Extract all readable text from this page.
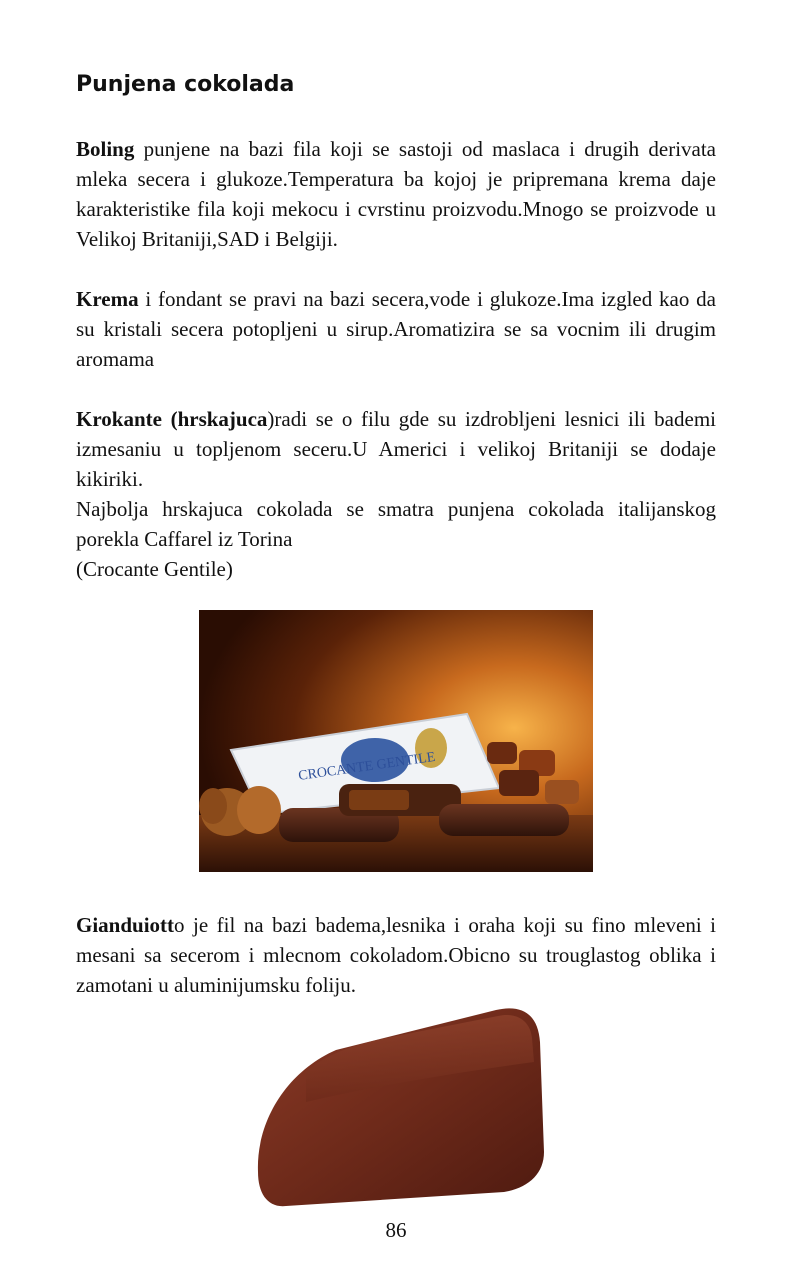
Punjena cokolada

Boling punjene na bazi fila koji se sastoji od maslaca i drugih derivata mleka secera i glukoze.Temperatura ba kojoj je pripremana krema daje karakteristike fila koji mekocu i cvrstinu proizvodu.Mnogo se proizvode u Velikoj Britaniji,SAD i Belgiji.

Krema i fondant se pravi na bazi secera,vode i glukoze.Ima izgled kao da su kristali secera potopljeni u sirup.Aromatizira se sa vocnim ili drugim aromama

Krokante (hrskajuca)radi se o filu gde su izdrobljeni lesnici ili bademi izmesaniu u topljenom seceru.U Americi i velikoj Britaniji se dodaje kikiriki.

Najbolja hrskajuca cokolada se smatra punjena cokolada italijanskog porekla Caffarel iz Torina

(Crocante Gentile)

CROCANTE GENTILE

Gianduiotto je fil na bazi badema,lesnika i oraha koji su fino mleveni i mesani sa secerom i mlecnom cokoladom.Obicno su trouglastog oblika i zamotani u aluminijumsku foliju.

86
